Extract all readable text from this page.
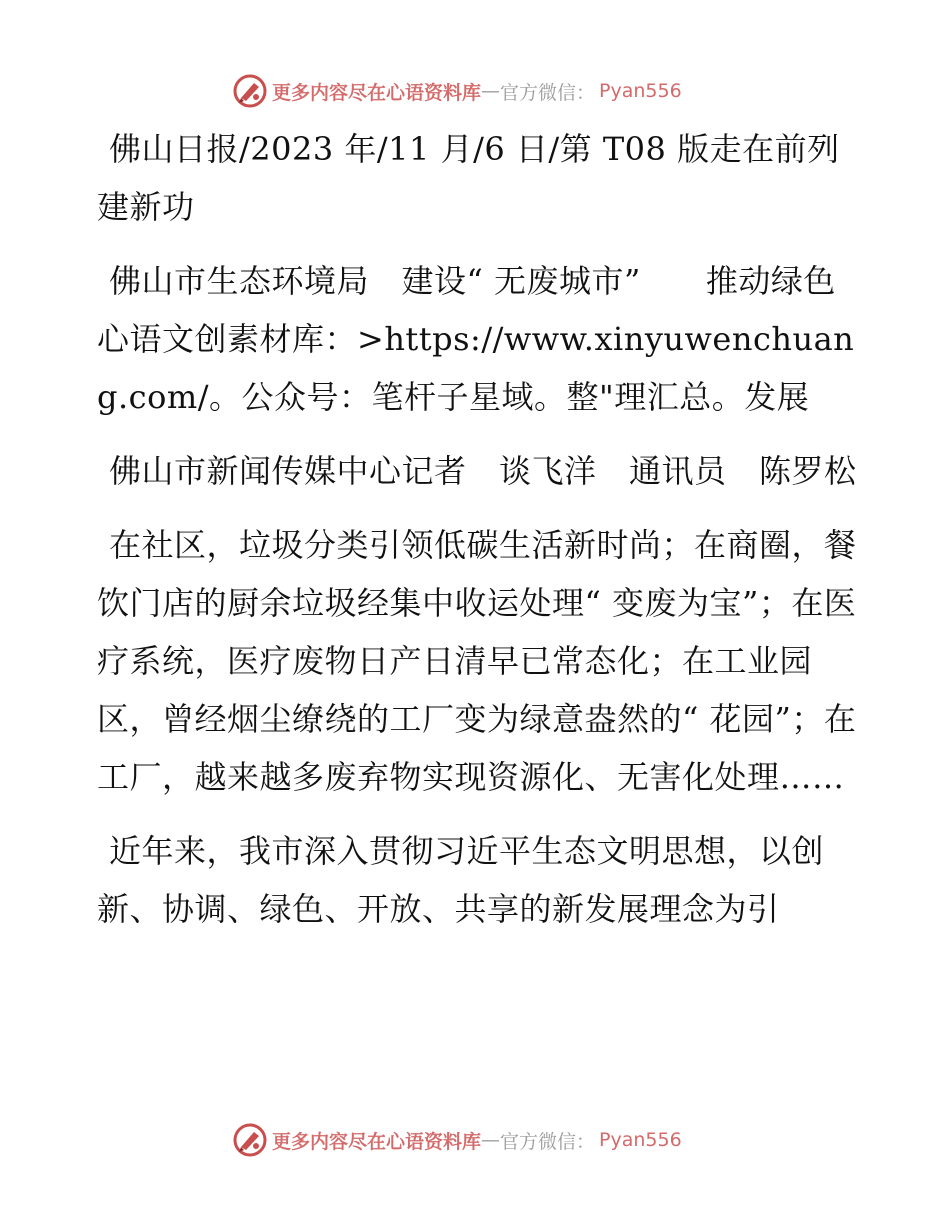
更多内容尽在心语资料库 — 官方微信： Pyan556

佛山日报/2023 年/11 月/6 日/第 T08 版走在前列建新功

佛山市生态环境局　建设“ 无废城市”　　推动绿色心语文创素材库：>https://www.xinyuwenchuang.com/。公众号：笔杆子星域。整"理汇总。发展

佛山市新闻传媒中心记者　谈飞洋　通讯员　陈罗松

在社区，垃圾分类引领低碳生活新时尚；在商圈，餐饮门店的厨余垃圾经集中收运处理“ 变废为宝”；在医疗系统，医疗废物日产日清早已常态化；在工业园区，曾经烟尘缭绕的工厂变为绿意盎然的“ 花园”；在工厂，越来越多废弃物实现资源化、无害化处理……

近年来，我市深入贯彻习近平生态文明思想，以创新、协调、绿色、开放、共享的新发展理念为引

更多内容尽在心语资料库 — 官方微信： Pyan556
